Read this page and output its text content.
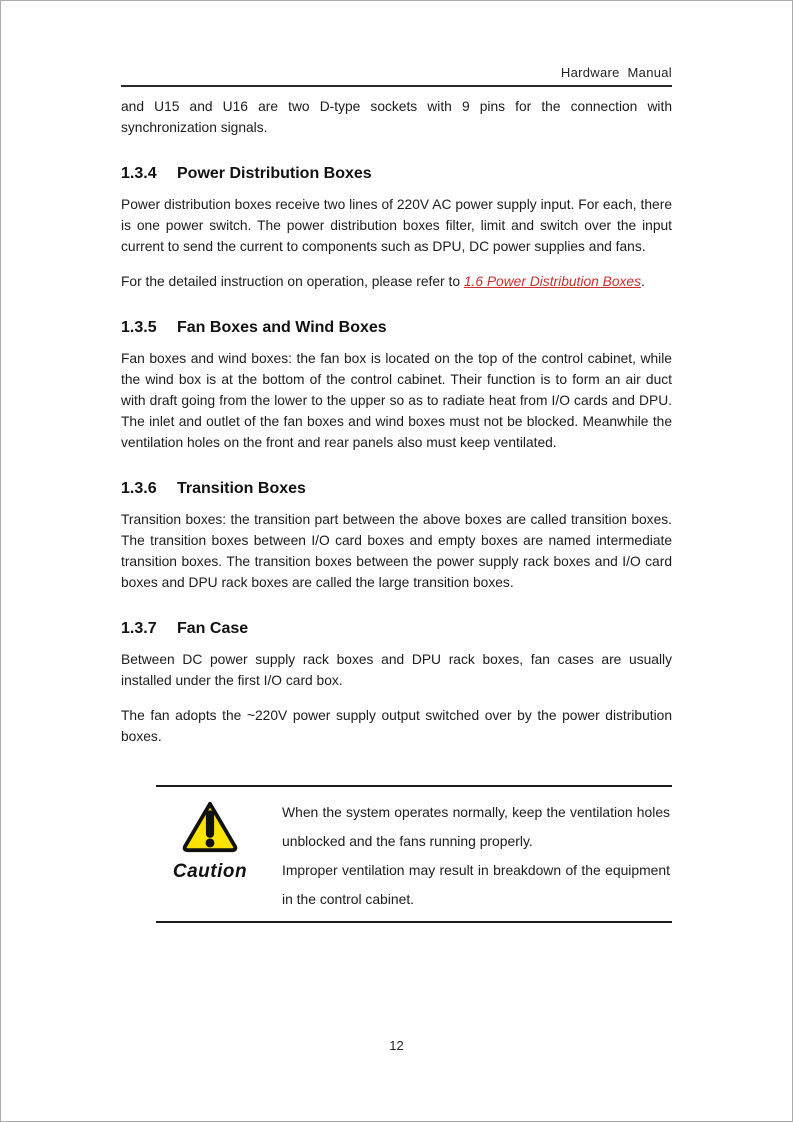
Hardware Manual

and U15 and U16 are two D-type sockets with 9 pins for the connection with synchronization signals.

1.3.4 Power Distribution Boxes

Power distribution boxes receive two lines of 220V AC power supply input. For each, there is one power switch. The power distribution boxes filter, limit and switch over the input current to send the current to components such as DPU, DC power supplies and fans.

For the detailed instruction on operation, please refer to 1.6 Power Distribution Boxes.

1.3.5 Fan Boxes and Wind Boxes

Fan boxes and wind boxes: the fan box is located on the top of the control cabinet, while the wind box is at the bottom of the control cabinet. Their function is to form an air duct with draft going from the lower to the upper so as to radiate heat from I/O cards and DPU. The inlet and outlet of the fan boxes and wind boxes must not be blocked. Meanwhile the ventilation holes on the front and rear panels also must keep ventilated.

1.3.6 Transition Boxes

Transition boxes: the transition part between the above boxes are called transition boxes. The transition boxes between I/O card boxes and empty boxes are named intermediate transition boxes. The transition boxes between the power supply rack boxes and I/O card boxes and DPU rack boxes are called the large transition boxes.

1.3.7 Fan Case

Between DC power supply rack boxes and DPU rack boxes, fan cases are usually installed under the first I/O card box.

The fan adopts the ~220V power supply output switched over by the power distribution boxes.

Caution

When the system operates normally, keep the ventilation holes unblocked and the fans running properly.

Improper ventilation may result in breakdown of the equipment in the control cabinet.

12
